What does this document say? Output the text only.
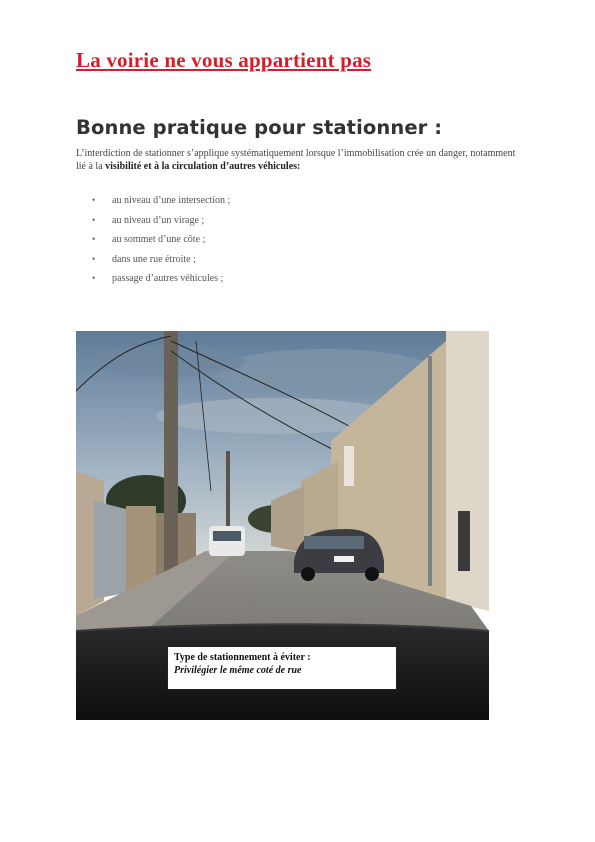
La voirie ne vous appartient pas
Bonne pratique pour stationner :

L’interdiction de stationner s’applique systématiquement lorsque l’immobilisation crée un danger, notamment lié à la visibilité et à la circulation d’autres véhicules:

• au niveau d’une intersection ;
• au niveau d’un virage ;
• au sommet d’une côte ;
• dans une rue étroite ;
• passage d’autres véhicules ;
Type de stationnement à éviter :
Privilégier le même coté de rue
